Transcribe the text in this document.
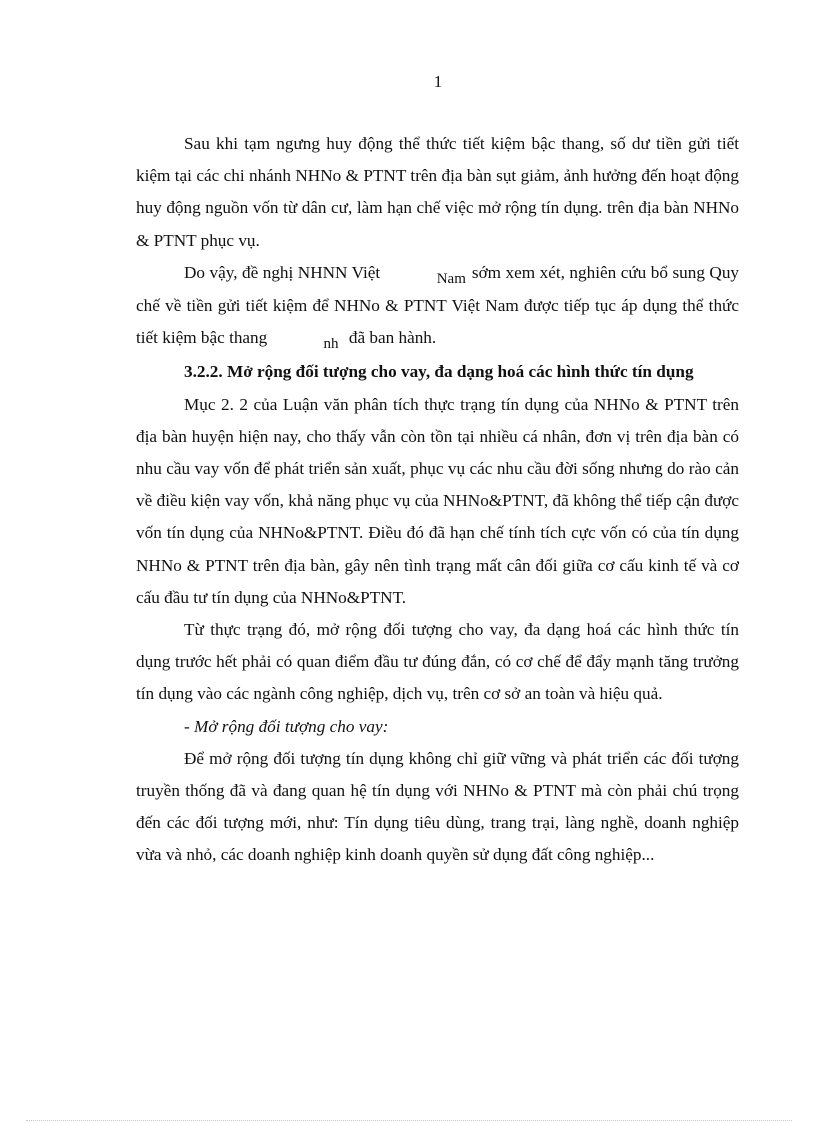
1

Sau khi tạm ngưng huy động thể thức tiết kiệm bậc thang, số dư tiền gửi tiết kiệm tại các chi nhánh NHNo & PTNT trên địa bàn sụt giảm, ảnh hưởng đến hoạt động huy động nguồn vốn từ dân cư, làm hạn chế việc mở rộng tín dụng. trên địa bàn NHNo & PTNT phục vụ.

Do vậy, đề nghị NHNN Việt	Nam sớm xem xét, nghiên cứu bổ sung Quy chế về tiền gửi tiết kiệm để NHNo & PTNT Việt Nam được tiếp tục áp dụng thể thức tiết kiệm bậc thang	nh đã ban hành.

3.2.2. Mở rộng đối tượng cho vay, đa dạng hoá các hình thức tín dụng

Mục 2. 2 của Luận văn phân tích thực trạng tín dụng của NHNo & PTNT trên địa bàn huyện hiện nay, cho thấy vẫn còn tồn tại nhiều cá nhân, đơn vị trên địa bàn có nhu cầu vay vốn để phát triển sản xuất, phục vụ các nhu cầu đời sống nhưng do rào cản về điều kiện vay vốn, khả năng phục vụ của NHNo&PTNT, đã không thể tiếp cận được vốn tín dụng của NHNo&PTNT. Điều đó đã hạn chế tính tích cực vốn có của tín dụng NHNo & PTNT trên địa bàn, gây nên tình trạng mất cân đối giữa cơ cấu kinh tế và cơ cấu đầu tư tín dụng của NHNo&PTNT.

Từ thực trạng đó, mở rộng đối tượng cho vay, đa dạng hoá các hình thức tín dụng trước hết phải có quan điểm đầu tư đúng đắn, có cơ chế để đẩy mạnh tăng trưởng tín dụng vào các ngành công nghiệp, dịch vụ, trên cơ sở an toàn và hiệu quả.

- Mở rộng đối tượng cho vay:

Để mở rộng đối tượng tín dụng không chỉ giữ vững và phát triển các đối tượng truyền thống đã và đang quan hệ tín dụng với NHNo & PTNT mà còn phải chú trọng đến các đối tượng mới, như: Tín dụng tiêu dùng, trang trại, làng nghề, doanh nghiệp vừa và nhỏ, các doanh nghiệp kinh doanh quyền sử dụng đất công nghiệp...
